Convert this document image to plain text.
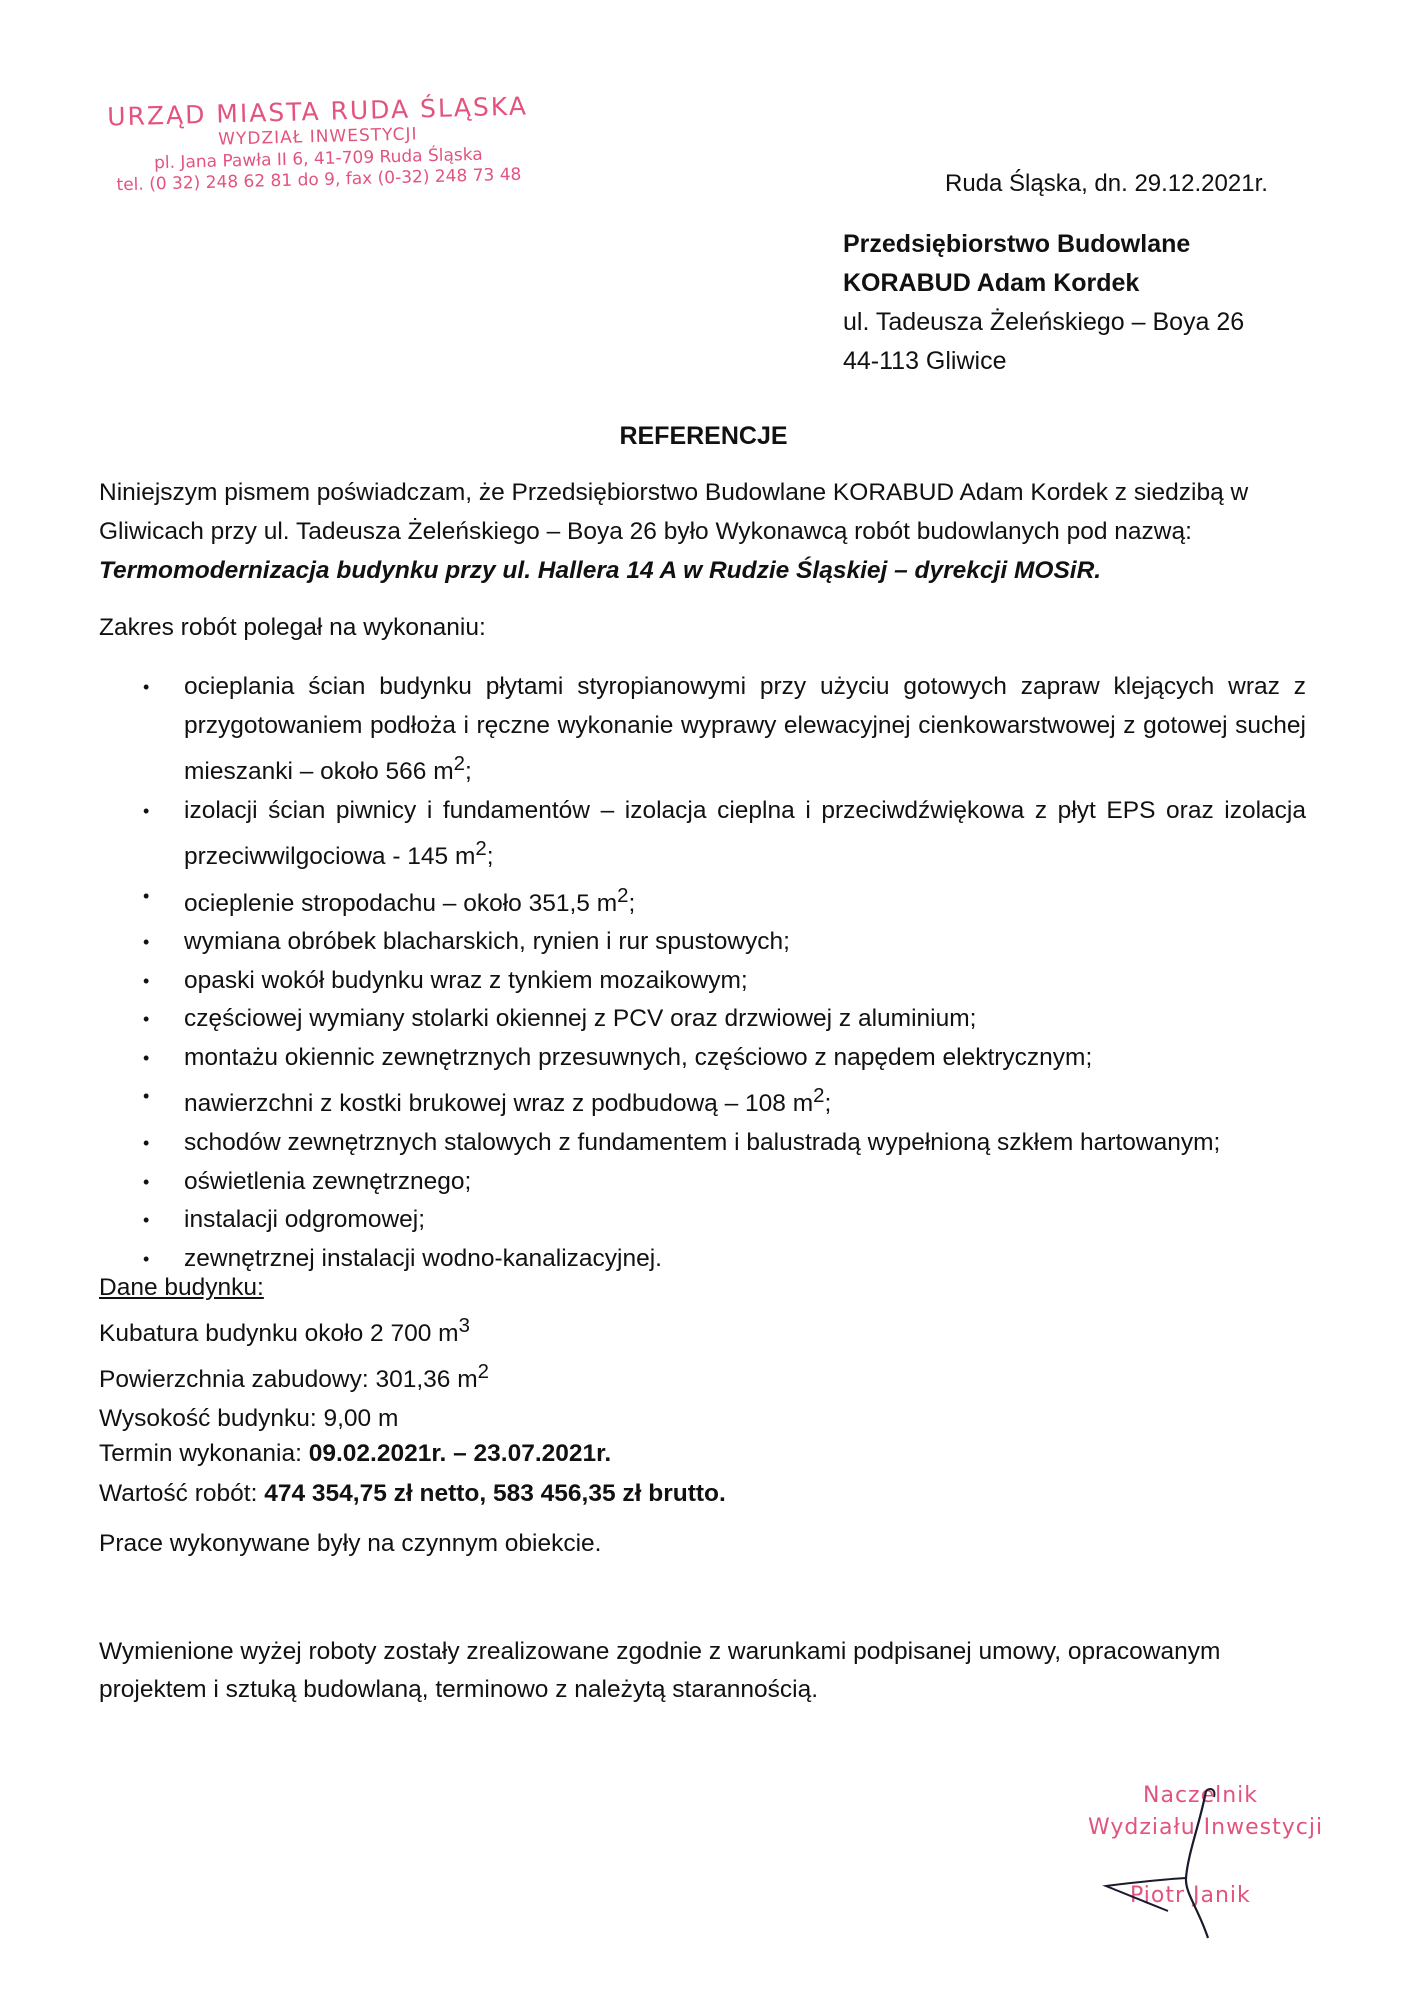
URZĄD MIASTA RUDA ŚLĄSKA
WYDZIAŁ INWESTYCJI
pl. Jana Pawła II 6, 41-709 Ruda Śląska
tel. (0 32) 248 62 81 do 9, fax (0-32) 248 73 48	Ruda Śląska, dn. 29.12.2021r.
Przedsiębiorstwo Budowlane
KORABUD Adam Kordek
ul. Tadeusza Żeleńskiego – Boya 26
44-113 Gliwice
REFERENCJE
Niniejszym pismem poświadczam, że Przedsiębiorstwo Budowlane KORABUD Adam Kordek z siedzibą w Gliwicach przy ul. Tadeusza Żeleńskiego – Boya 26 było Wykonawcą robót budowlanych pod nazwą: Termomodernizacja budynku przy ul. Hallera 14 A w Rudzie Śląskiej – dyrekcji MOSiR.
Zakres robót polegał na wykonaniu:
• ocieplania ścian budynku płytami styropianowymi przy użyciu gotowych zapraw klejących wraz z przygotowaniem podłoża i ręczne wykonanie wyprawy elewacyjnej cienkowarstwowej z gotowej suchej mieszanki – około 566 $m^2$;
• izolacji ścian piwnicy i fundamentów – izolacja cieplna i przeciwdźwiękowa z płyt EPS oraz izolacja przeciwwilgociowa - 145 $m^2$;
• ocieplenie stropodachu – około 351,5 $m^2$;
• wymiana obróbek blacharskich, rynien i rur spustowych;
• opaski wokół budynku wraz z tynkiem mozaikowym;
• częściowej wymiany stolarki okiennej z PCV oraz drzwiowej z aluminium;
• montażu okiennic zewnętrznych przesuwnych, częściowo z napędem elektrycznym;
• nawierzchni z kostki brukowej wraz z podbudową – 108 $m^2$;
• schodów zewnętrznych stalowych z fundamentem i balustradą wypełnioną szkłem hartowanym;
• oświetlenia zewnętrznego;
• instalacji odgromowej;
• zewnętrznej instalacji wodno-kanalizacyjnej.
Dane budynku:
Kubatura budynku około 2 700 $m^3$
Powierzchnia zabudowy: 301,36 $m^2$
Wysokość budynku: 9,00 m
Termin wykonania: 09.02.2021r. – 23.07.2021r.
Wartość robót: 474 354,75 zł netto, 583 456,35 zł brutto.
Prace wykonywane były na czynnym obiekcie.
Wymienione wyżej roboty zostały zrealizowane zgodnie z warunkami podpisanej umowy, opracowanym projektem i sztuką budowlaną, terminowo z należytą starannością.
Naczelnik
Wydziału Inwestycji
Piotr Janik
